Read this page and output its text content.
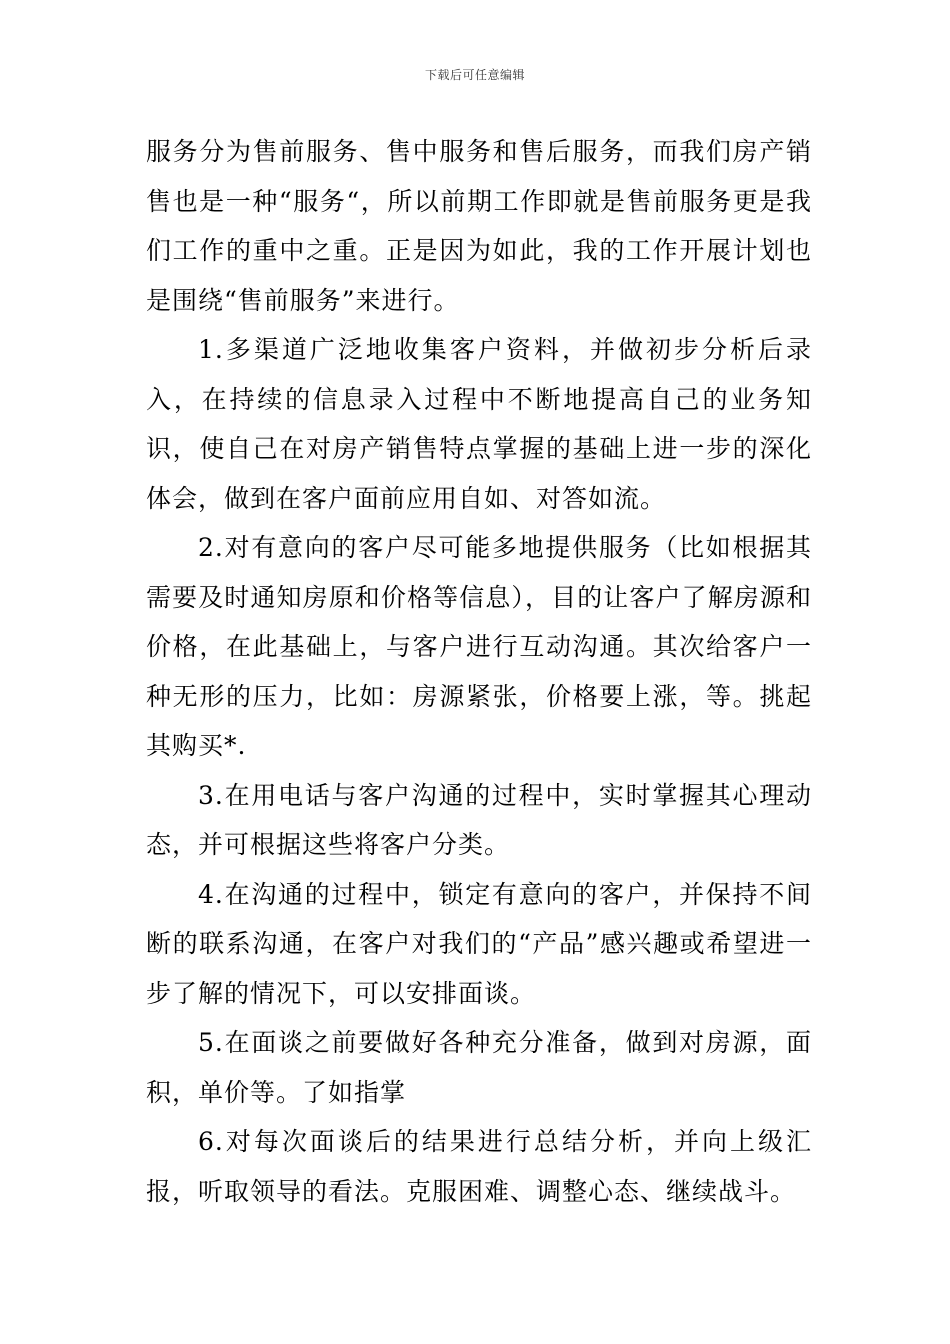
下载后可任意编辑

服务分为售前服务、售中服务和售后服务，而我们房产销售也是一种“服务“，所以前期工作即就是售前服务更是我们工作的重中之重。正是因为如此，我的工作开展计划也是围绕“售前服务”来进行。

1.多渠道广泛地收集客户资料，并做初步分析后录入，在持续的信息录入过程中不断地提高自己的业务知识，使自己在对房产销售特点掌握的基础上进一步的深化体会，做到在客户面前应用自如、对答如流。

2.对有意向的客户尽可能多地提供服务（比如根据其需要及时通知房原和价格等信息），目的让客户了解房源和价格，在此基础上，与客户进行互动沟通。其次给客户一种无形的压力，比如：房源紧张，价格要上涨，等。挑起其购买*.

3.在用电话与客户沟通的过程中，实时掌握其心理动态，并可根据这些将客户分类。

4.在沟通的过程中，锁定有意向的客户，并保持不间断的联系沟通，在客户对我们的“产品”感兴趣或希望进一步了解的情况下，可以安排面谈。

5.在面谈之前要做好各种充分准备，做到对房源，面积，单价等。了如指掌

6.对每次面谈后的结果进行总结分析，并向上级汇报，听取领导的看法。克服困难、调整心态、继续战斗。
